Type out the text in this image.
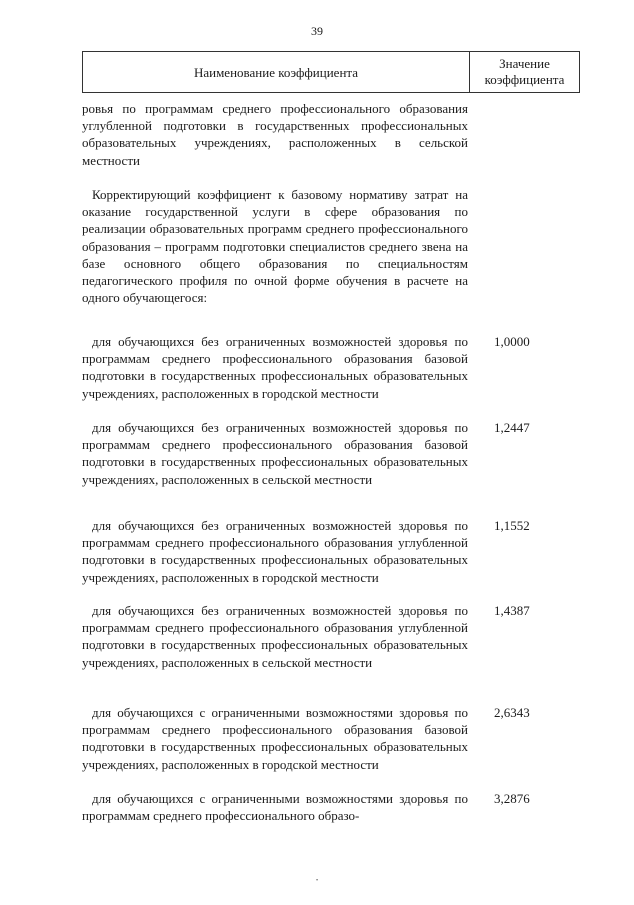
39
Наименование коэффициента
Значение
коэффициента
ровья по программам среднего профессионального образования углубленной подготовки в государственных профессиональных образовательных учреждениях, расположенных в сельской местности
Корректирующий коэффициент к базовому нормативу затрат на оказание государственной услуги в сфере образования по реализации образовательных программ среднего профессионального образования – программ подготовки специалистов среднего звена на базе основного общего образования по специальностям педагогического профиля по очной форме обучения в расчете на одного обучающегося:
для обучающихся без ограниченных возможностей здоровья по программам среднего профессионального образования базовой подготовки в государственных профессиональных образовательных учреждениях, расположенных в городской местности
1,0000
для обучающихся без ограниченных возможностей здоровья по программам среднего профессионального образования базовой подготовки в государственных профессиональных образовательных учреждениях, расположенных в сельской местности
1,2447
для обучающихся без ограниченных возможностей здоровья по программам среднего профессионального образования углубленной подготовки в государственных профессиональных образовательных учреждениях, расположенных в городской местности
1,1552
для обучающихся без ограниченных возможностей здоровья по программам среднего профессионального образования углубленной подготовки в государственных профессиональных образовательных учреждениях, расположенных в сельской местности
1,4387
для обучающихся с ограниченными возможностями здоровья по программам среднего профессионального образования базовой подготовки в государственных профессиональных образовательных учреждениях, расположенных в городской местности
2,6343
для обучающихся с ограниченными возможностями здоровья по программам среднего профессионального образо-
3,2876
•
